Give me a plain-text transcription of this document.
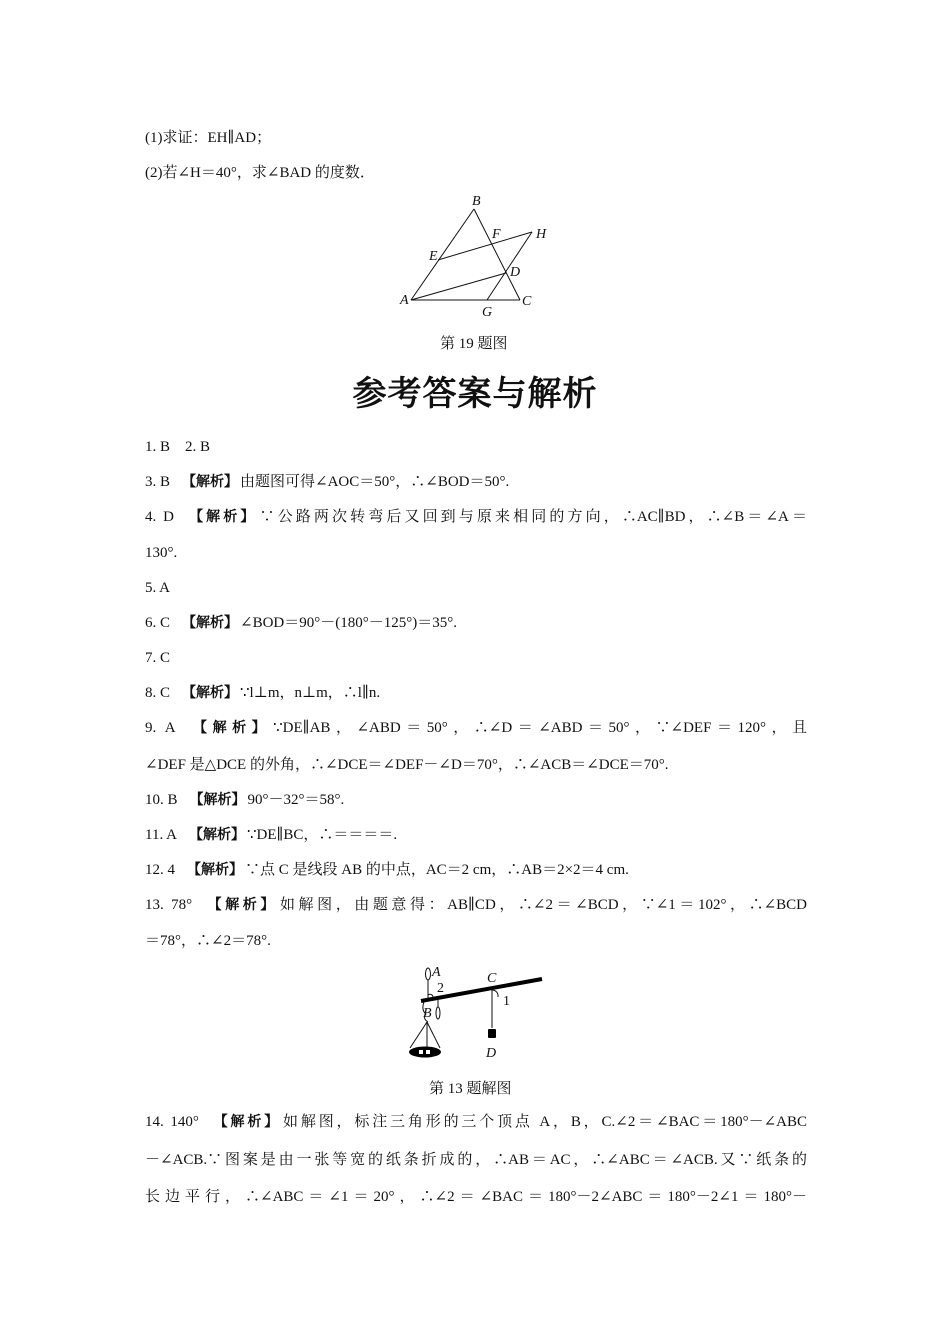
(1)求证：EH∥AD；
(2)若∠H＝40°，求∠BAD 的度数．
B
F	H
E
D
A	C
G
第 19 题图
参考答案与解析
1. B　2. B
3. B 【解析】 由题图可得∠AOC＝50°，∴∠BOD＝50°.
4. D 【解析】 ∵公路两次转弯后又回到与原来相同的方向，∴AC∥BD，∴∠B＝∠A＝
130°.
5. A
6. C 【解析】 ∠BOD＝90°－(180°－125°)＝35°.
7. C
8. C 【解析】 ∵l⊥m，n⊥m，∴l∥n.
9. A 【解析】 ∵DE∥AB，∠ABD＝50°，∴∠D＝∠ABD＝50°，∵∠DEF＝120°，且
∠DEF 是△DCE 的外角，∴∠DCE＝∠DEF－∠D＝70°，∴∠ACB＝∠DCE＝70°.
10. B 【解析】 90°－32°＝58°.
11. A 【解析】 ∵DE∥BC，∴＝＝＝＝.
12. 4 【解析】 ∵点 C 是线段 AB 的中点，AC＝2 cm，∴AB＝2×2＝4 cm.
13. 78° 【解析】 如解图，由题意得：AB∥CD，∴∠2＝∠BCD，∵∠1＝102°，∴∠BCD
＝78°，∴∠2＝78°.
A
2
B
C
1
D
第 13 题解图
14. 140° 【解析】 如解图，标注三角形的三个顶点 A，B，C.∠2＝∠BAC＝180°－∠ABC
－∠ACB.∵图案是由一张等宽的纸条折成的，∴AB＝AC，∴∠ABC＝∠ACB.又∵纸条的
长边平行，∴∠ABC＝∠1＝20°，∴∠2＝∠BAC＝180°－2∠ABC＝180°－2∠1＝180°－
